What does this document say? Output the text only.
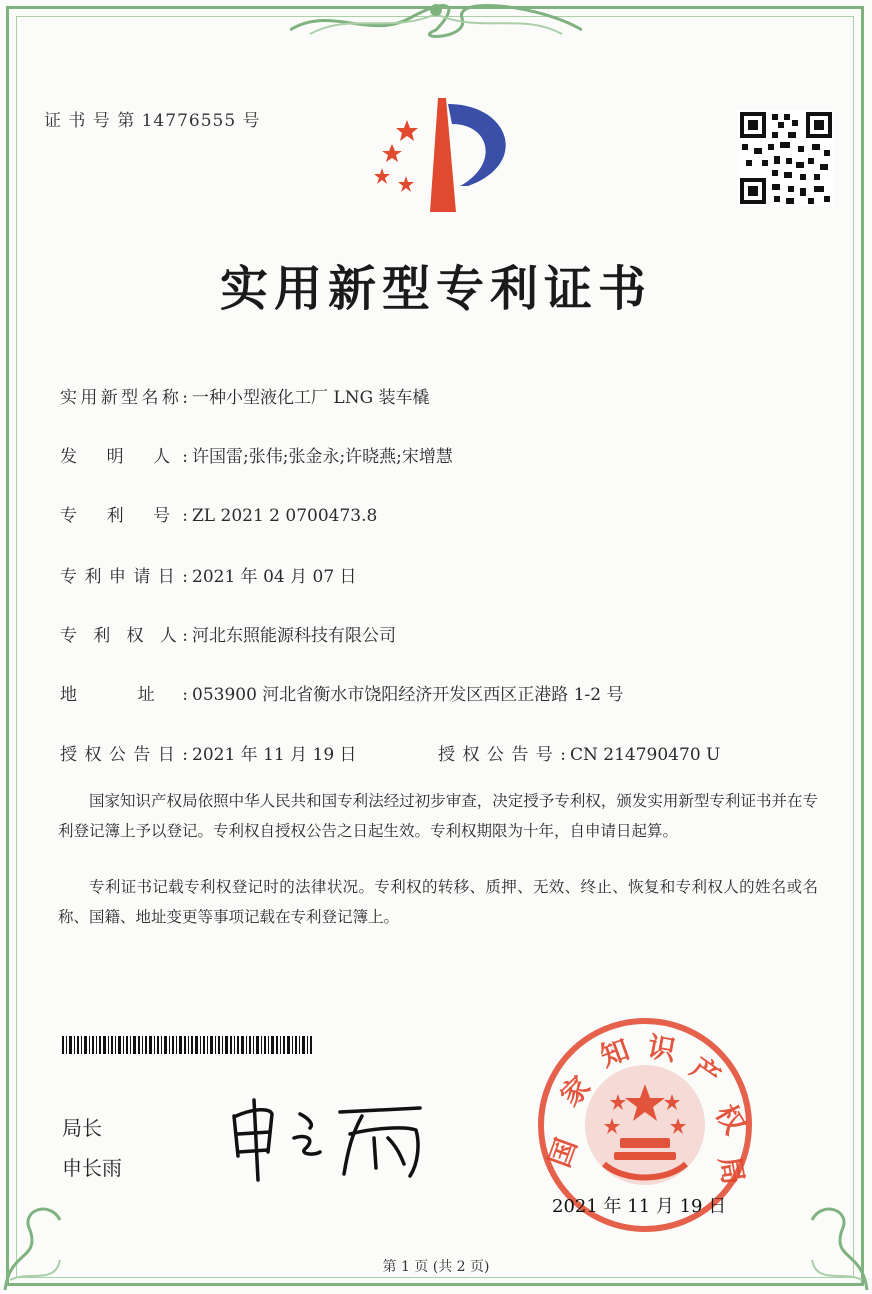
证 书 号 第 14776555 号
实用新型专利证书
实用新型名称: 一种小型液化工厂 LNG 装车橇
发 明 人: 许国雷;张伟;张金永;许晓燕;宋增慧
专 利 号: ZL 2021 2 0700473.8
专利申请日: 2021 年 04 月 07 日
专 利 权 人: 河北东照能源科技有限公司
地 址: 053900 河北省衡水市饶阳经济开发区西区正港路 1-2 号
授权公告日: 2021 年 11 月 19 日	授权公告号: CN 214790470 U
国家知识产权局依照中华人民共和国专利法经过初步审查，决定授予专利权，颁发实用新型专利证书并在专利登记簿上予以登记。专利权自授权公告之日起生效。专利权期限为十年，自申请日起算。
专利证书记载专利权登记时的法律状况。专利权的转移、质押、无效、终止、恢复和专利权人的姓名或名称、国籍、地址变更等事项记载在专利登记簿上。
局长
申长雨	国
家
知 识
产
权
局
2021 年 11 月 19 日
第 1 页 (共 2 页)
